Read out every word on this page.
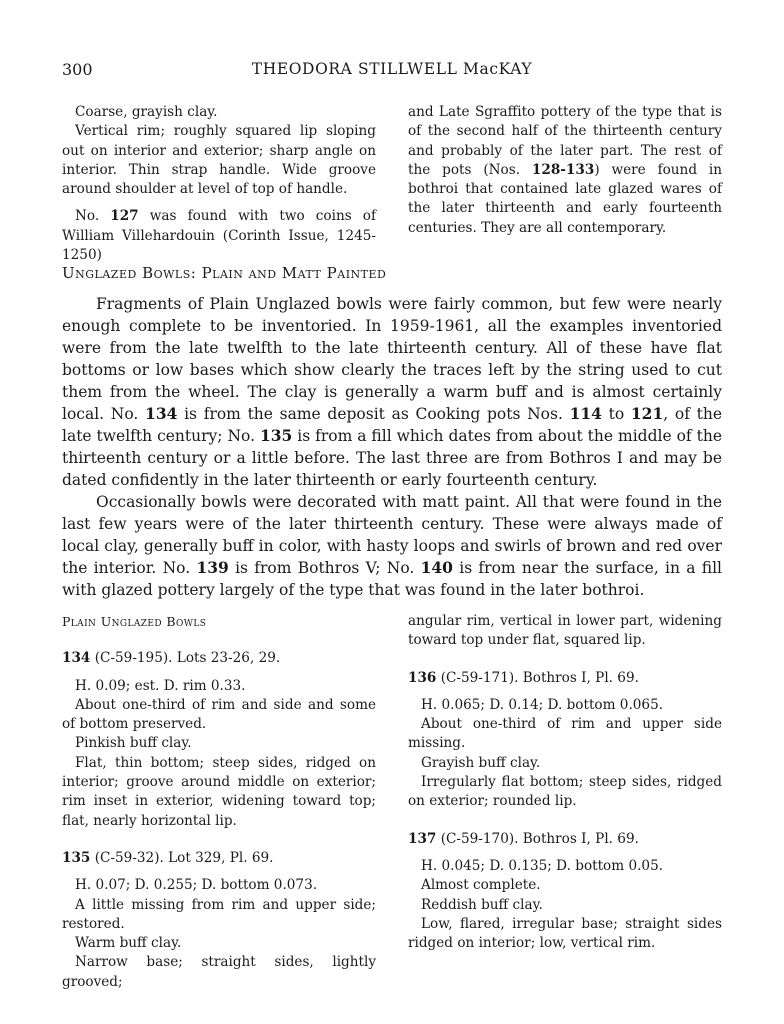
300	THEODORA STILLWELL MacKAY

Coarse, grayish clay.

Vertical rim; roughly squared lip sloping out on interior and exterior; sharp angle on interior. Thin strap handle. Wide groove around shoulder at level of top of handle.

No. 127 was found with two coins of William Villehardouin (Corinth Issue, 1245-1250)

and Late Sgraffito pottery of the type that is of the second half of the thirteenth century and probably of the later part. The rest of the pots (Nos. 128-133) were found in bothroi that contained late glazed wares of the later thirteenth and early fourteenth centuries. They are all contemporary.

Unglazed Bowls: Plain and Matt Painted

Fragments of Plain Unglazed bowls were fairly common, but few were nearly enough complete to be inventoried. In 1959-1961, all the examples inventoried were from the late twelfth to the late thirteenth century. All of these have flat bottoms or low bases which show clearly the traces left by the string used to cut them from the wheel. The clay is generally a warm buff and is almost certainly local. No. 134 is from the same deposit as Cooking pots Nos. 114 to 121, of the late twelfth century; No. 135 is from a fill which dates from about the middle of the thirteenth century or a little before. The last three are from Bothros I and may be dated confidently in the later thirteenth or early fourteenth century.

Occasionally bowls were decorated with matt paint. All that were found in the last few years were of the later thirteenth century. These were always made of local clay, generally buff in color, with hasty loops and swirls of brown and red over the interior. No. 139 is from Bothros V; No. 140 is from near the surface, in a fill with glazed pottery largely of the type that was found in the later bothroi.

Plain Unglazed Bowls

134 (C-59-195). Lots 23-26, 29.

H. 0.09; est. D. rim 0.33.

About one-third of rim and side and some of bottom preserved.

Pinkish buff clay.

Flat, thin bottom; steep sides, ridged on interior; groove around middle on exterior; rim inset in exterior, widening toward top; flat, nearly horizontal lip.

135 (C-59-32). Lot 329, Pl. 69.

H. 0.07; D. 0.255; D. bottom 0.073.

A little missing from rim and upper side; restored.

Warm buff clay.

Narrow base; straight sides, lightly grooved;

angular rim, vertical in lower part, widening toward top under flat, squared lip.

136 (C-59-171). Bothros I, Pl. 69.

H. 0.065; D. 0.14; D. bottom 0.065.

About one-third of rim and upper side missing.

Grayish buff clay.

Irregularly flat bottom; steep sides, ridged on exterior; rounded lip.

137 (C-59-170). Bothros I, Pl. 69.

H. 0.045; D. 0.135; D. bottom 0.05.

Almost complete.

Reddish buff clay.

Low, flared, irregular base; straight sides ridged on interior; low, vertical rim.
